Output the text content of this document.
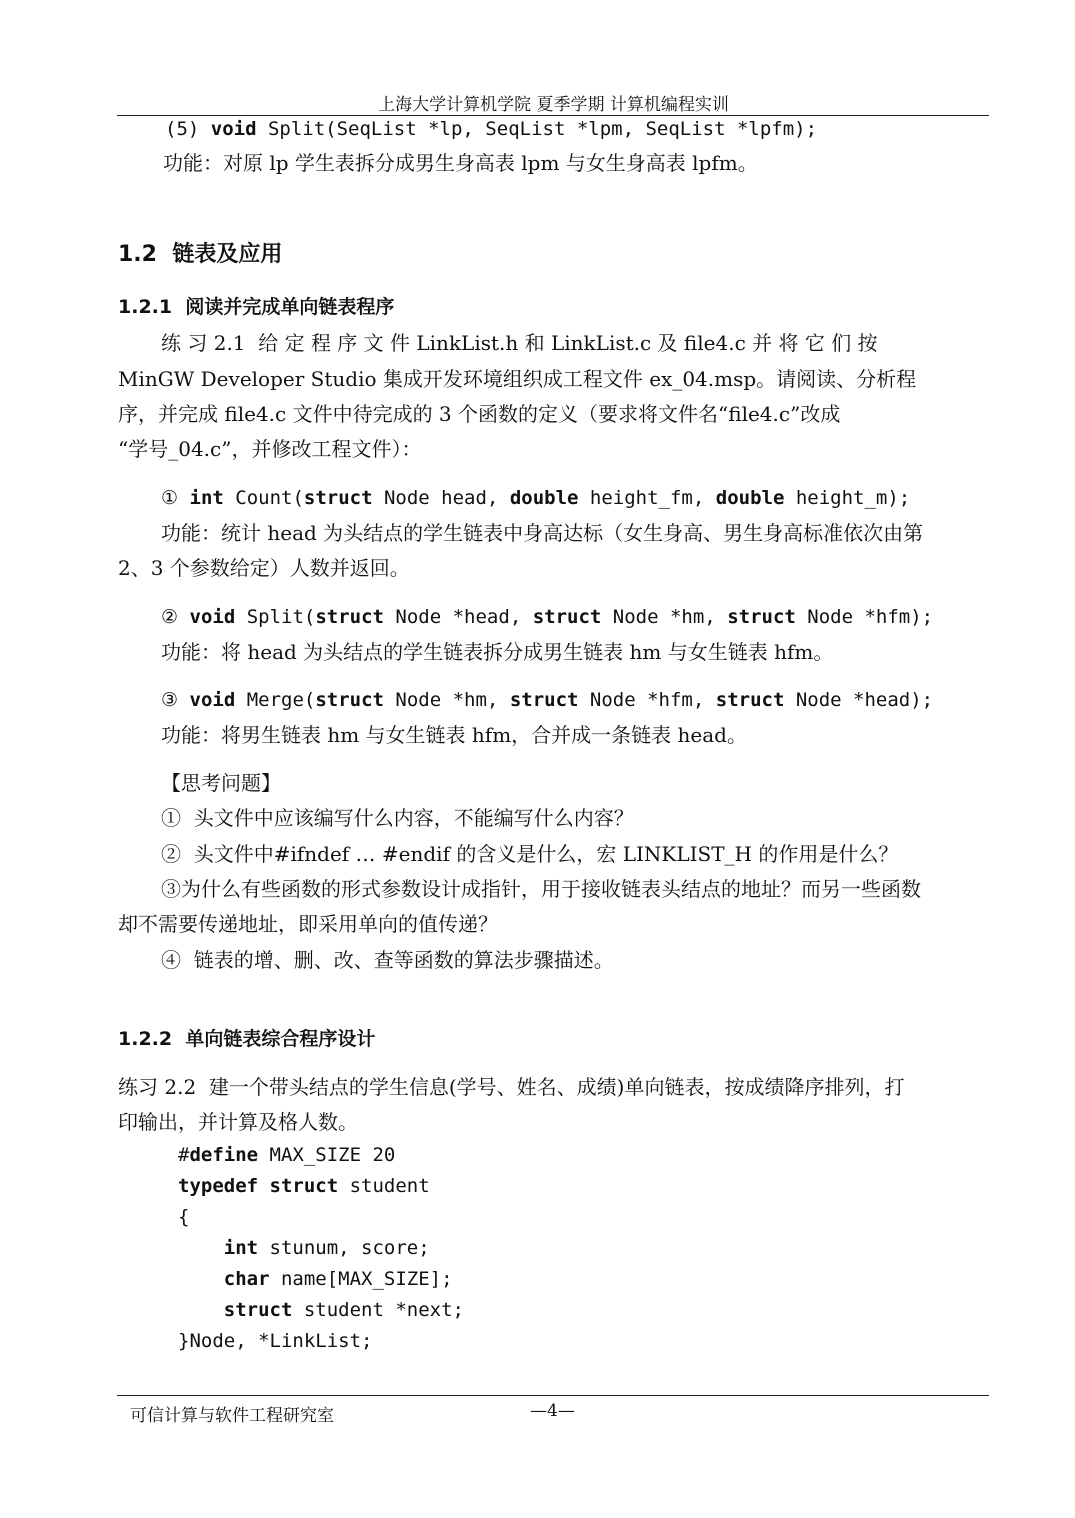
上海大学计算机学院 夏季学期 计算机编程实训
(5) void Split(SeqList *lp, SeqList *lpm, SeqList *lpfm);
功能：对原 lp 学生表拆分成男生身高表 lpm 与女生身高表 lpfm。
1.2 链表及应用
1.2.1 阅读并完成单向链表程序
练 习 2.1  给 定 程 序 文 件 LinkList.h 和 LinkList.c 及 file4.c 并 将 它 们 按
MinGW Developer Studio 集成开发环境组织成工程文件 ex_04.msp。请阅读、分析程
序，并完成 file4.c 文件中待完成的 3 个函数的定义（要求将文件名“file4.c”改成
“学号_04.c”，并修改工程文件）：
① int Count(struct Node head, double height_fm, double height_m);
功能：统计 head 为头结点的学生链表中身高达标（女生身高、男生身高标准依次由第
2、3 个参数给定）人数并返回。
② void Split(struct Node *head, struct Node *hm, struct Node *hfm);
功能：将 head 为头结点的学生链表拆分成男生链表 hm 与女生链表 hfm。
③ void Merge(struct Node *hm, struct Node *hfm, struct Node *head);
功能：将男生链表 hm 与女生链表 hfm，合并成一条链表 head。
【思考问题】
①  头文件中应该编写什么内容，不能编写什么内容？
②  头文件中#ifndef … #endif 的含义是什么，宏 LINKLIST_H 的作用是什么？
③为什么有些函数的形式参数设计成指针，用于接收链表头结点的地址？而另一些函数
却不需要传递地址，即采用单向的值传递？
④  链表的增、删、改、查等函数的算法步骤描述。
1.2.2 单向链表综合程序设计
练习 2.2  建一个带头结点的学生信息(学号、姓名、成绩)单向链表，按成绩降序排列，打
印输出，并计算及格人数。
#define MAX_SIZE 20
typedef struct student
{
int stunum, score;
char name[MAX_SIZE];
struct student *next;
}Node, *LinkList;
可信计算与软件工程研究室	—4—
